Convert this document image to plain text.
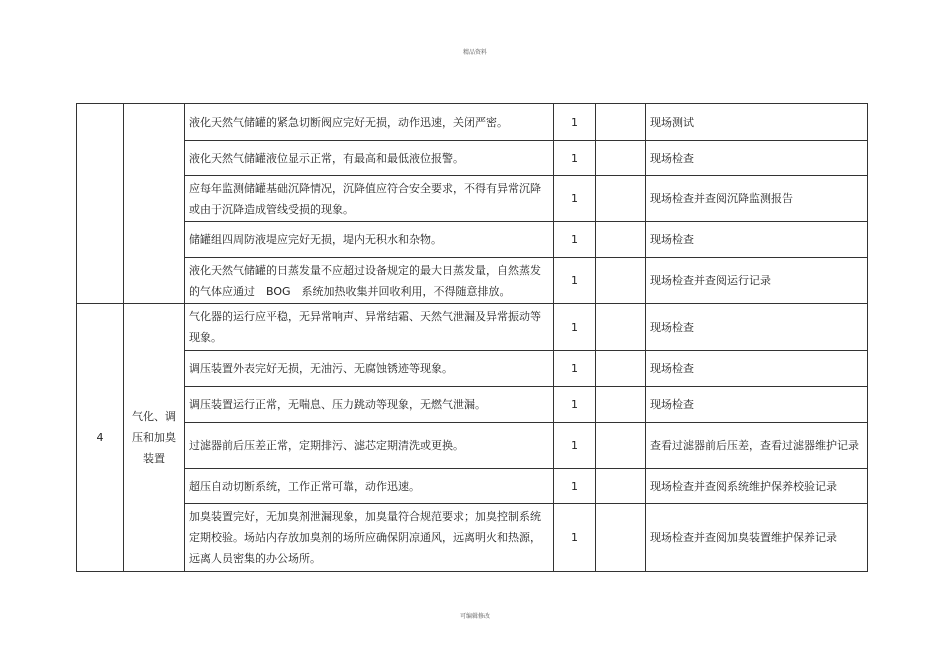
精品资料
		液化天然气储罐的紧急切断阀应完好无损，动作迅速，关闭严密。	1		现场测试
		液化天然气储罐液位显示正常，有最高和最低液位报警。	1		现场检查
		应每年监测储罐基础沉降情况，沉降值应符合安全要求，不得有异常沉降或由于沉降造成管线受损的现象。	1		现场检查并查阅沉降监测报告
		储罐组四周防液堤应完好无损，堤内无积水和杂物。	1		现场检查
		液化天然气储罐的日蒸发量不应超过设备规定的最大日蒸发量，自然蒸发的气体应通过　BOG　系统加热收集并回收利用，不得随意排放。	1		现场检查并查阅运行记录
4	气化、调压和加臭装置	气化器的运行应平稳，无异常响声、异常结霜、天然气泄漏及异常振动等现象。	1		现场检查
		调压装置外表完好无损，无油污、无腐蚀锈迹等现象。	1		现场检查
		调压装置运行正常，无喘息、压力跳动等现象，无燃气泄漏。	1		现场检查
		过滤器前后压差正常，定期排污、滤芯定期清洗或更换。	1		查看过滤器前后压差，查看过滤器维护记录
		超压自动切断系统，工作正常可靠，动作迅速。	1		现场检查并查阅系统维护保养校验记录
		加臭装置完好，无加臭剂泄漏现象，加臭量符合规范要求；加臭控制系统定期校验。场站内存放加臭剂的场所应确保阴凉通风，远离明火和热源，远离人员密集的办公场所。	1		现场检查并查阅加臭装置维护保养记录
可编辑修改
